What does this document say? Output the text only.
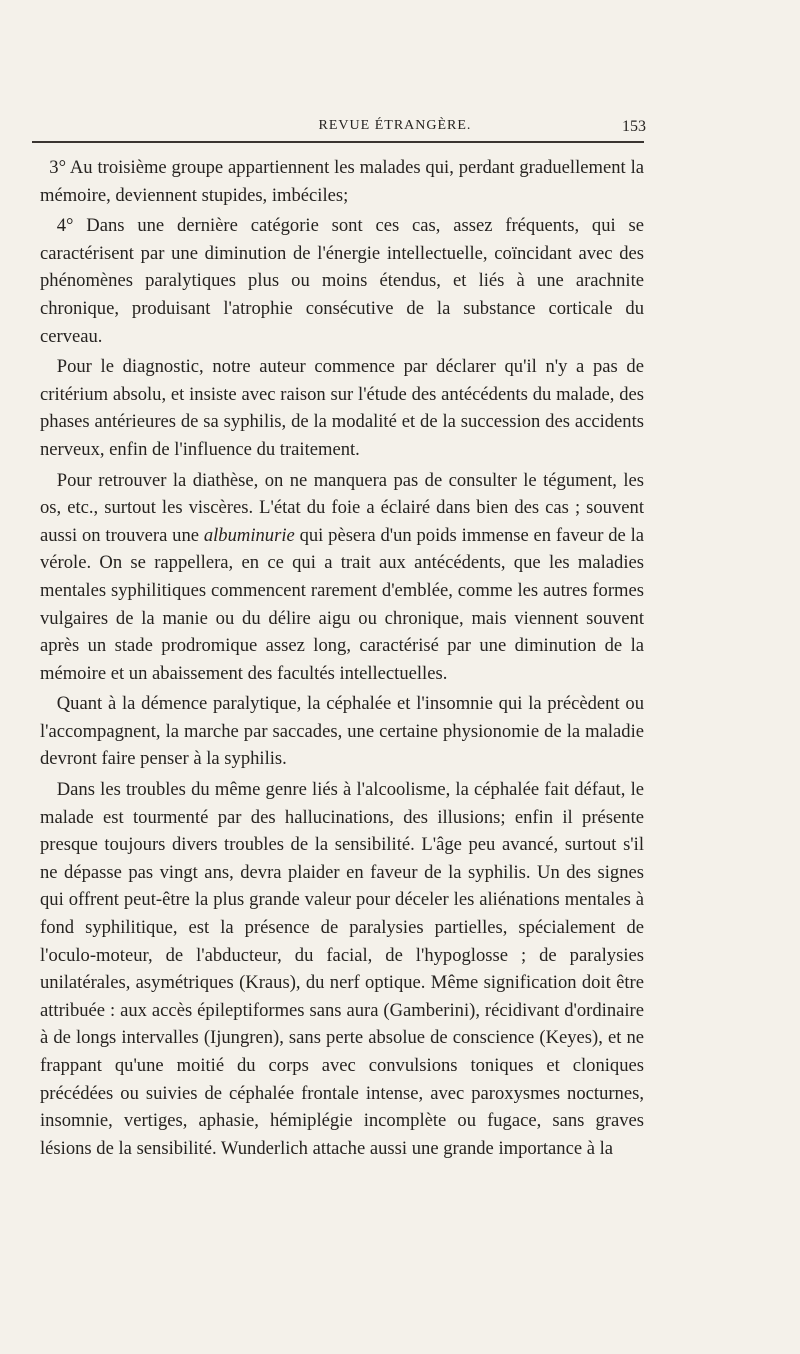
REVUE ÉTRANGÈRE.	153

3° Au troisième groupe appartiennent les malades qui, perdant graduellement la mémoire, deviennent stupides, imbéciles;

4° Dans une dernière catégorie sont ces cas, assez fréquents, qui se caractérisent par une diminution de l'énergie intellectuelle, coïncidant avec des phénomènes paralytiques plus ou moins étendus, et liés à une arachnite chronique, produisant l'atrophie consécutive de la substance corticale du cerveau.

Pour le diagnostic, notre auteur commence par déclarer qu'il n'y a pas de critérium absolu, et insiste avec raison sur l'étude des antécédents du malade, des phases antérieures de sa syphilis, de la modalité et de la succession des accidents nerveux, enfin de l'influence du traitement.

Pour retrouver la diathèse, on ne manquera pas de consulter le tégument, les os, etc., surtout les viscères. L'état du foie a éclairé dans bien des cas ; souvent aussi on trouvera une albuminurie qui pèsera d'un poids immense en faveur de la vérole. On se rappellera, en ce qui a trait aux antécédents, que les maladies mentales syphilitiques commencent rarement d'emblée, comme les autres formes vulgaires de la manie ou du délire aigu ou chronique, mais viennent souvent après un stade prodromique assez long, caractérisé par une diminution de la mémoire et un abaissement des facultés intellectuelles.

Quant à la démence paralytique, la céphalée et l'insomnie qui la précèdent ou l'accompagnent, la marche par saccades, une certaine physionomie de la maladie devront faire penser à la syphilis.

Dans les troubles du même genre liés à l'alcoolisme, la céphalée fait défaut, le malade est tourmenté par des hallucinations, des illusions; enfin il présente presque toujours divers troubles de la sensibilité. L'âge peu avancé, surtout s'il ne dépasse pas vingt ans, devra plaider en faveur de la syphilis. Un des signes qui offrent peut-être la plus grande valeur pour déceler les aliénations mentales à fond syphilitique, est la présence de paralysies partielles, spécialement de l'oculo-moteur, de l'abducteur, du facial, de l'hypoglosse ; de paralysies unilatérales, asymétriques (Kraus), du nerf optique. Même signification doit être attribuée : aux accès épileptiformes sans aura (Gamberini), récidivant d'ordinaire à de longs intervalles (Ijungren), sans perte absolue de conscience (Keyes), et ne frappant qu'une moitié du corps avec convulsions toniques et cloniques précédées ou suivies de céphalée frontale intense, avec paroxysmes nocturnes, insomnie, vertiges, aphasie, hémiplégie incomplète ou fugace, sans graves lésions de la sensibilité. Wunderlich attache aussi une grande importance à la
